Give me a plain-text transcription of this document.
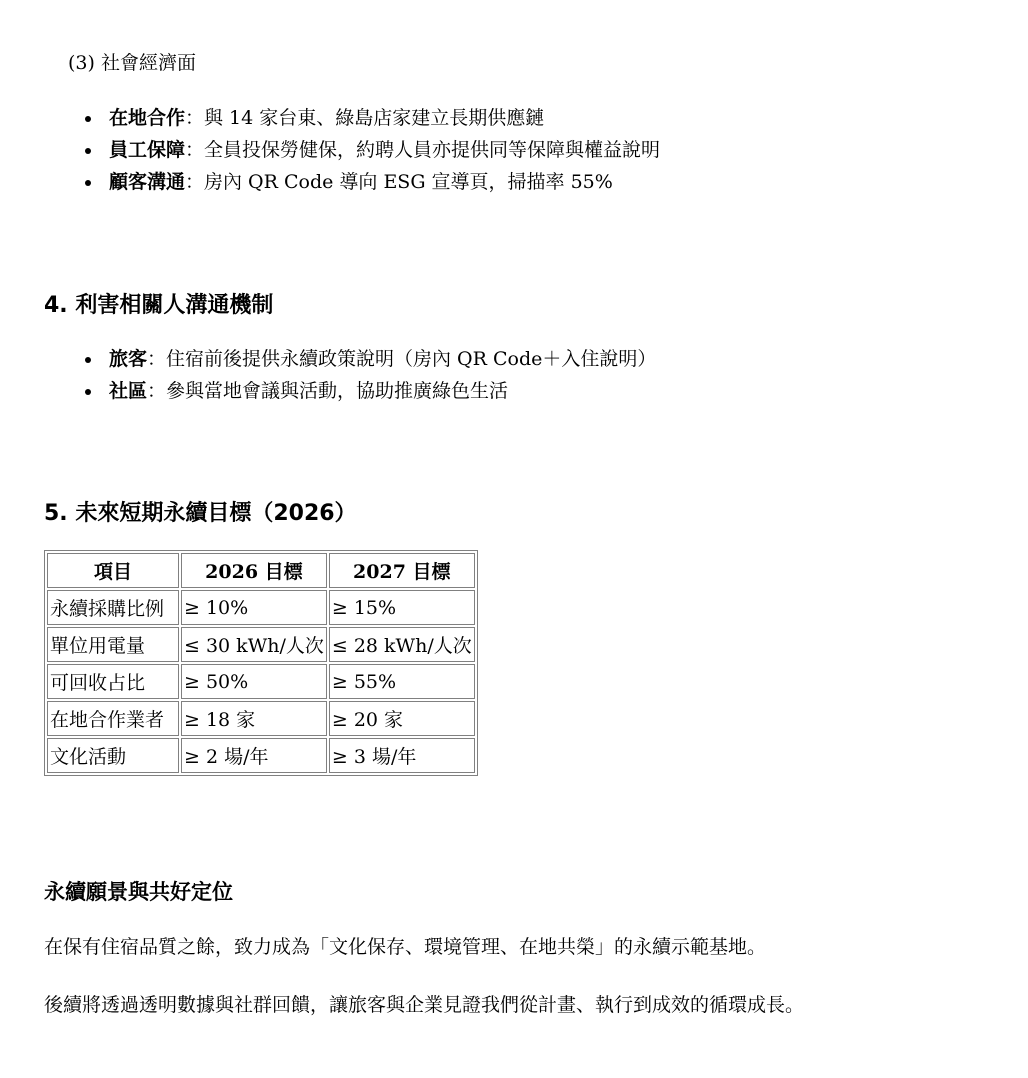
(3) 社會經濟面
在地合作：與 14 家台東、綠島店家建立長期供應鏈
員工保障：全員投保勞健保，約聘人員亦提供同等保障與權益說明
顧客溝通：房內 QR Code 導向 ESG 宣導頁，掃描率 55%
4. 利害相關人溝通機制
旅客：住宿前後提供永續政策說明（房內 QR Code＋入住說明）
社區：參與當地會議與活動，協助推廣綠色生活
5. 未來短期永續目標（2026）
項目	2026 目標	2027 目標
永續採購比例	≥ 10%	≥ 15%
單位用電量	≤ 30 kWh/人次	≤ 28 kWh/人次
可回收占比	≥ 50%	≥ 55%
在地合作業者	≥ 18 家	≥ 20 家
文化活動	≥ 2 場/年	≥ 3 場/年
永續願景與共好定位

在保有住宿品質之餘，致力成為「文化保存、環境管理、在地共榮」的永續示範基地。

後續將透過透明數據與社群回饋，讓旅客與企業見證我們從計畫、執行到成效的循環成長。
